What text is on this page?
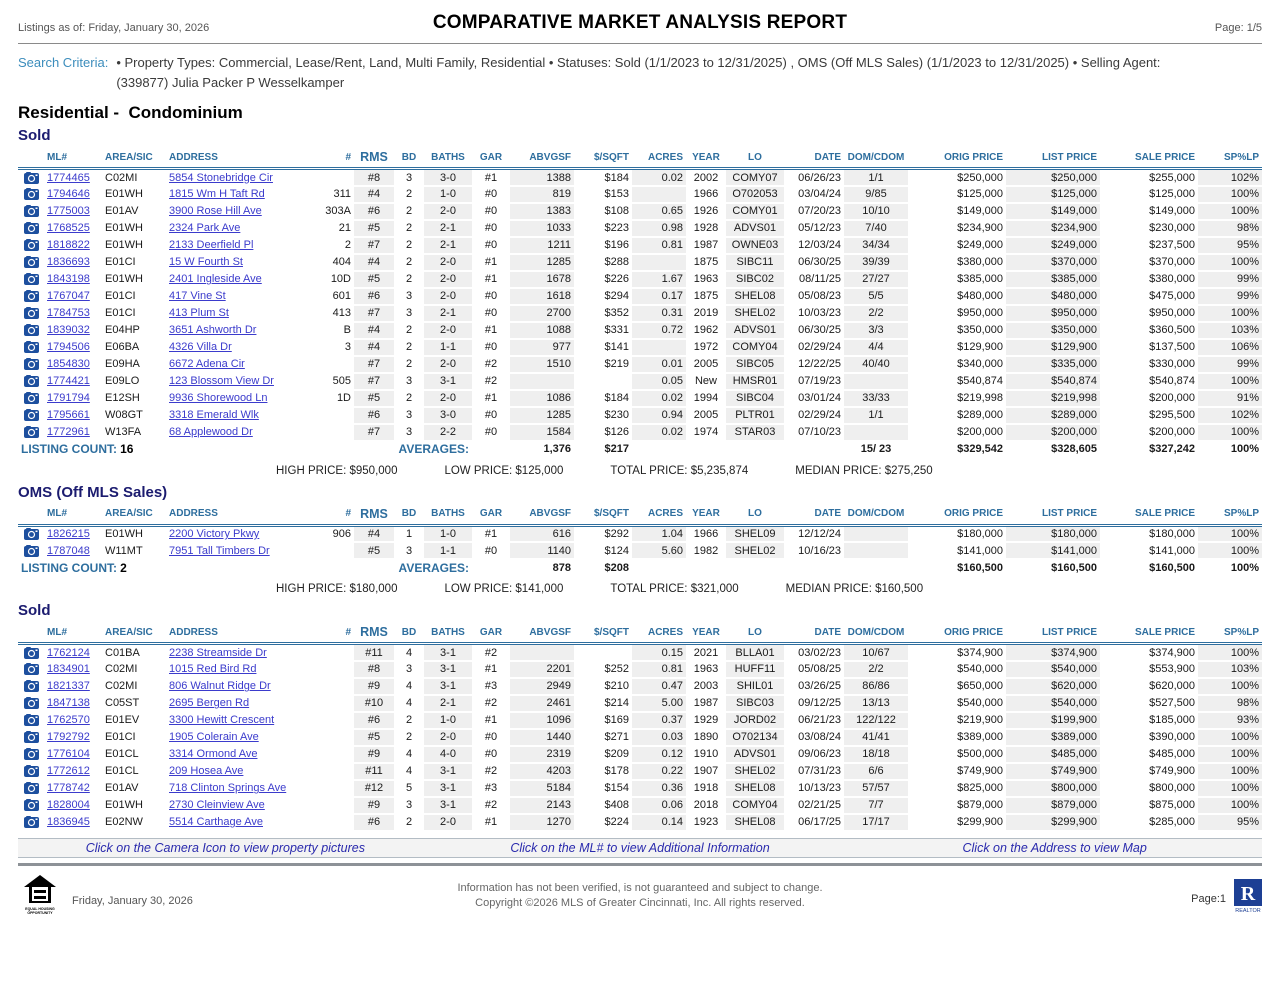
Listings as of: Friday, January 30, 2026	COMPARATIVE MARKET ANALYSIS REPORT	Page: 1/5
Search Criteria: • Property Types: Commercial, Lease/Rent, Land, Multi Family, Residential • Statuses: Sold (1/1/2023 to 12/31/2025) , OMS (Off MLS Sales) (1/1/2023 to 12/31/2025) • Selling Agent: (339877) Julia Packer P Wesselkamper
Residential -  Condominium
Sold
	ML#	AREA/SIC	ADDRESS	#	RMS	BD	BATHS	GAR	ABVGSF	$/SQFT	ACRES	YEAR	LO	DATE	DOM/CDOM	ORIG PRICE	LIST PRICE	SALE PRICE	SP%LP
	1774465	C02MI	5854 Stonebridge Cir		#8	3	3-0	#1	1388	$184	0.02	2002	COMY07	06/26/23	1/1	$250,000	$250,000	$255,000	102%
	1794646	E01WH	1815 Wm H Taft Rd	311	#4	2	1-0	#0	819	$153		1966	O702053	03/04/24	9/85	$125,000	$125,000	$125,000	100%
	1775003	E01AV	3900 Rose Hill Ave	303A	#6	2	2-0	#0	1383	$108	0.65	1926	COMY01	07/20/23	10/10	$149,000	$149,000	$149,000	100%
	1768525	E01WH	2324 Park Ave	21	#5	2	2-1	#0	1033	$223	0.98	1928	ADVS01	05/12/23	7/40	$234,900	$234,900	$230,000	98%
	1818822	E01WH	2133 Deerfield Pl	2	#7	2	2-1	#0	1211	$196	0.81	1987	OWNE03	12/03/24	34/34	$249,000	$249,000	$237,500	95%
	1836693	E01CI	15 W Fourth St	404	#4	2	2-0	#1	1285	$288		1875	SIBC11	06/30/25	39/39	$380,000	$370,000	$370,000	100%
	1843198	E01WH	2401 Ingleside Ave	10D	#5	2	2-0	#1	1678	$226	1.67	1963	SIBC02	08/11/25	27/27	$385,000	$385,000	$380,000	99%
	1767047	E01CI	417 Vine St	601	#6	3	2-0	#0	1618	$294	0.17	1875	SHEL08	05/08/23	5/5	$480,000	$480,000	$475,000	99%
	1784753	E01CI	413 Plum St	413	#7	3	2-1	#0	2700	$352	0.31	2019	SHEL02	10/03/23	2/2	$950,000	$950,000	$950,000	100%
	1839032	E04HP	3651 Ashworth Dr	B	#4	2	2-0	#1	1088	$331	0.72	1962	ADVS01	06/30/25	3/3	$350,000	$350,000	$360,500	103%
	1794506	E06BA	4326 Villa Dr	3	#4	2	1-1	#0	977	$141		1972	COMY04	02/29/24	4/4	$129,900	$129,900	$137,500	106%
	1854830	E09HA	6672 Adena Cir		#7	2	2-0	#2	1510	$219	0.01	2005	SIBC05	12/22/25	40/40	$340,000	$335,000	$330,000	99%
	1774421	E09LO	123 Blossom View Dr	505	#7	3	3-1	#2			0.05	New	HMSR01	07/19/23		$540,874	$540,874	$540,874	100%
	1791794	E12SH	9936 Shorewood Ln	1D	#5	2	2-0	#1	1086	$184	0.02	1994	SIBC04	03/01/24	33/33	$219,998	$219,998	$200,000	91%
	1795661	W08GT	3318 Emerald Wlk		#6	3	3-0	#0	1285	$230	0.94	2005	PLTR01	02/29/24	1/1	$289,000	$289,000	$295,500	102%
	1772961	W13FA	68 Applewood Dr		#7	3	2-2	#0	1584	$126	0.02	1974	STAR03	07/10/23		$200,000	$200,000	$200,000	100%
LISTING COUNT: 16				AVERAGES:					1,376	$217					15/ 23	$329,542	$328,605	$327,242	100%
HIGH PRICE: $950,000	LOW PRICE: $125,000	TOTAL PRICE: $5,235,874	MEDIAN PRICE: $275,250
OMS (Off MLS Sales)
	ML#	AREA/SIC	ADDRESS	#	RMS	BD	BATHS	GAR	ABVGSF	$/SQFT	ACRES	YEAR	LO	DATE	DOM/CDOM	ORIG PRICE	LIST PRICE	SALE PRICE	SP%LP
	1826215	E01WH	2200 Victory Pkwy	906	#4	1	1-0	#1	616	$292	1.04	1966	SHEL09	12/12/24		$180,000	$180,000	$180,000	100%
	1787048	W11MT	7951 Tall Timbers Dr		#5	3	1-1	#0	1140	$124	5.60	1982	SHEL02	10/16/23		$141,000	$141,000	$141,000	100%
LISTING COUNT: 2				AVERAGES:					878	$208						$160,500	$160,500	$160,500	100%
HIGH PRICE: $180,000	LOW PRICE: $141,000	TOTAL PRICE: $321,000	MEDIAN PRICE: $160,500
Sold
	ML#	AREA/SIC	ADDRESS	#	RMS	BD	BATHS	GAR	ABVGSF	$/SQFT	ACRES	YEAR	LO	DATE	DOM/CDOM	ORIG PRICE	LIST PRICE	SALE PRICE	SP%LP
	1762124	C01BA	2238 Streamside Dr		#11	4	3-1	#2			0.15	2021	BLLA01	03/02/23	10/67	$374,900	$374,900	$374,900	100%
	1834901	C02MI	1015 Red Bird Rd		#8	3	3-1	#1	2201	$252	0.81	1963	HUFF11	05/08/25	2/2	$540,000	$540,000	$553,900	103%
	1821337	C02MI	806 Walnut Ridge Dr		#9	4	3-1	#3	2949	$210	0.47	2003	SHIL01	03/26/25	86/86	$650,000	$620,000	$620,000	100%
	1847138	C05ST	2695 Bergen Rd		#10	4	2-1	#2	2461	$214	5.00	1987	SIBC03	09/12/25	13/13	$540,000	$540,000	$527,500	98%
	1762570	E01EV	3300 Hewitt Crescent		#6	2	1-0	#1	1096	$169	0.37	1929	JORD02	06/21/23	122/122	$219,900	$199,900	$185,000	93%
	1792792	E01CI	1905 Colerain Ave		#5	2	2-0	#0	1440	$271	0.03	1890	O702134	03/08/24	41/41	$389,000	$389,000	$390,000	100%
	1776104	E01CL	3314 Ormond Ave		#9	4	4-0	#0	2319	$209	0.12	1910	ADVS01	09/06/23	18/18	$500,000	$485,000	$485,000	100%
	1772612	E01CL	209 Hosea Ave		#11	4	3-1	#2	4203	$178	0.22	1907	SHEL02	07/31/23	6/6	$749,900	$749,900	$749,900	100%
	1778742	E01AV	718 Clinton Springs Ave		#12	5	3-1	#3	5184	$154	0.36	1918	SHEL08	10/13/23	57/57	$825,000	$800,000	$800,000	100%
	1828004	E01WH	2730 Cleinview Ave		#9	3	3-1	#2	2143	$408	0.06	2018	COMY04	02/21/25	7/7	$879,000	$879,000	$875,000	100%
	1836945	E02NW	5514 Carthage Ave		#6	2	2-0	#1	1270	$224	0.14	1923	SHEL08	06/17/25	17/17	$299,900	$299,900	$285,000	95%
Click on the Camera Icon to view property pictures	Click on the ML# to view Additional Information	Click on the Address to view Map
EQUAL HOUSING OPPORTUNITY
Friday, January 30, 2026
Information has not been verified, is not guaranteed and subject to change.
Copyright ©2026 MLS of Greater Cincinnati, Inc. All rights reserved.	Page:1 R
REALTOR
